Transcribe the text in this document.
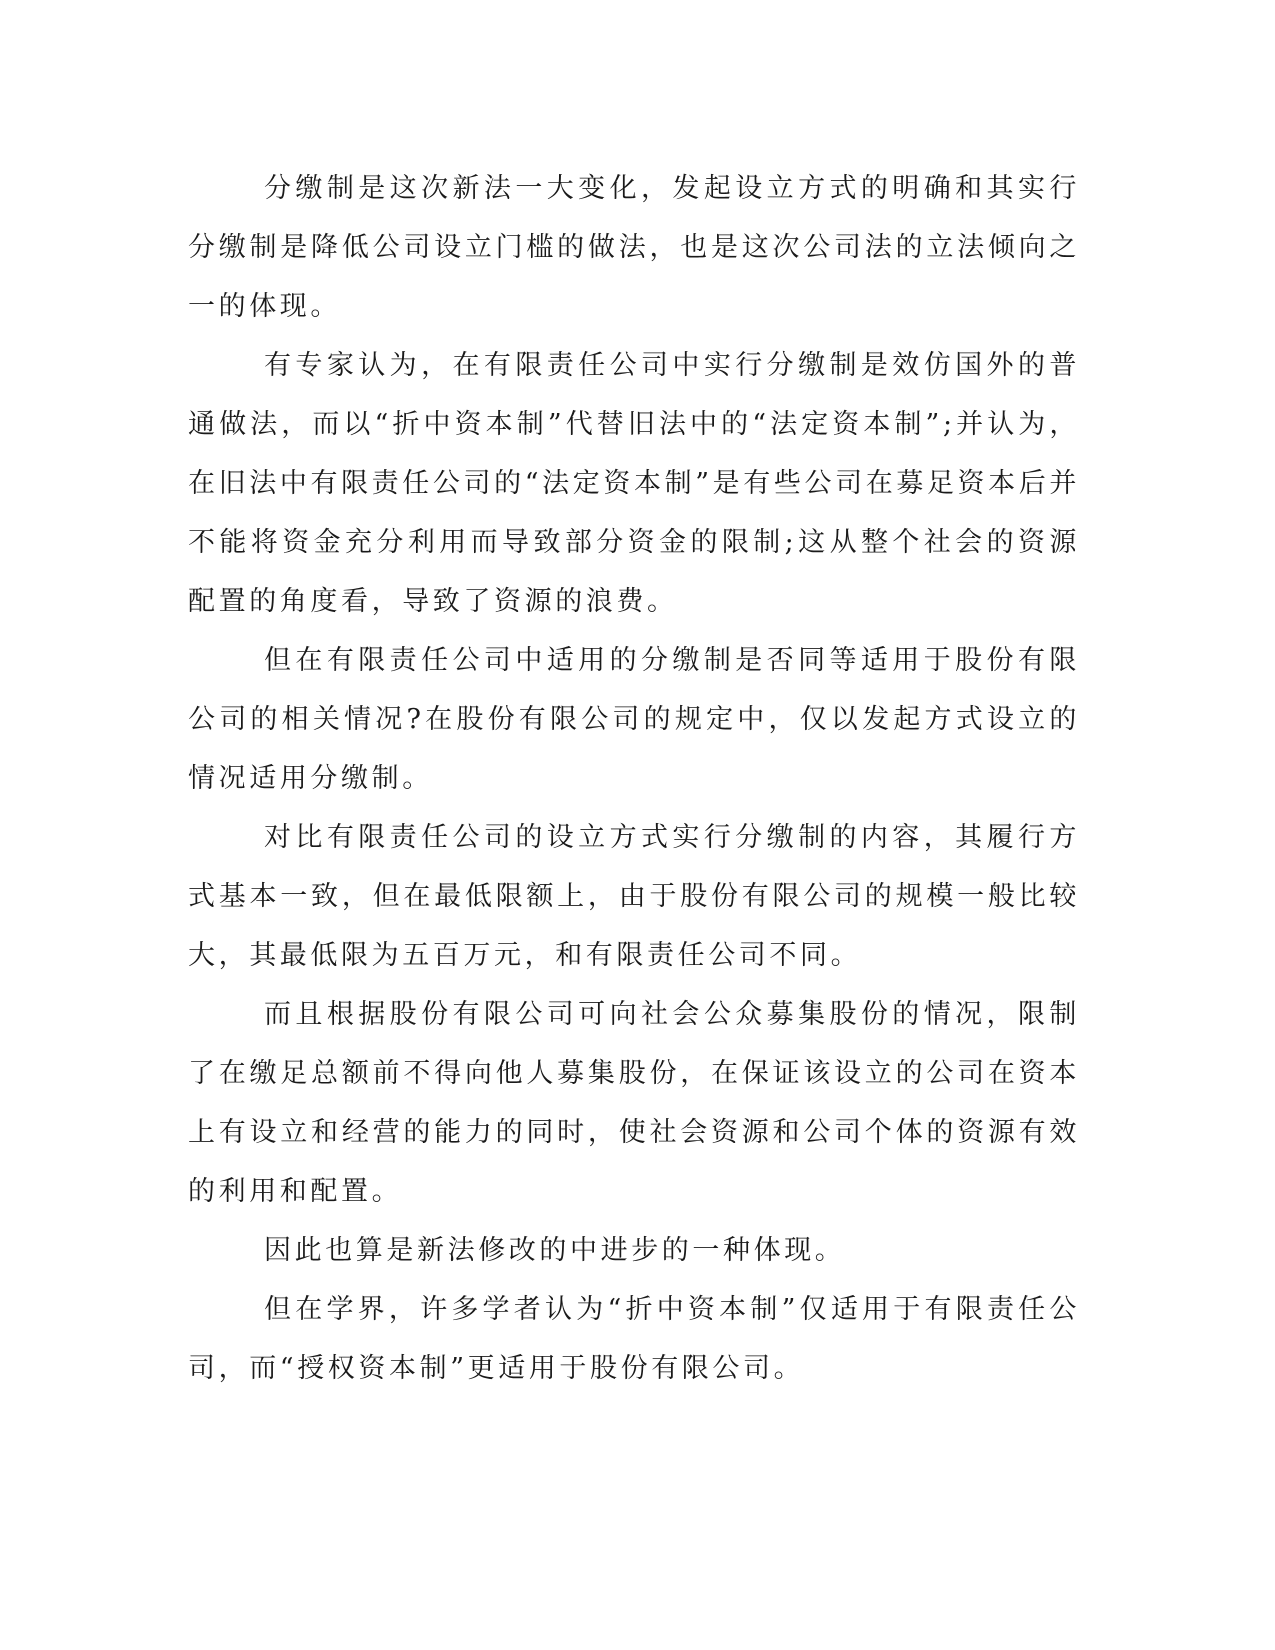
分缴制是这次新法一大变化，发起设立方式的明确和其实行分缴制是降低公司设立门槛的做法，也是这次公司法的立法倾向之一的体现。

有专家认为，在有限责任公司中实行分缴制是效仿国外的普通做法，而以“折中资本制”代替旧法中的“法定资本制”;并认为，在旧法中有限责任公司的“法定资本制”是有些公司在募足资本后并不能将资金充分利用而导致部分资金的限制;这从整个社会的资源配置的角度看，导致了资源的浪费。

但在有限责任公司中适用的分缴制是否同等适用于股份有限公司的相关情况?在股份有限公司的规定中，仅以发起方式设立的情况适用分缴制。

对比有限责任公司的设立方式实行分缴制的内容，其履行方式基本一致，但在最低限额上，由于股份有限公司的规模一般比较大，其最低限为五百万元，和有限责任公司不同。

而且根据股份有限公司可向社会公众募集股份的情况，限制了在缴足总额前不得向他人募集股份，在保证该设立的公司在资本上有设立和经营的能力的同时，使社会资源和公司个体的资源有效的利用和配置。

因此也算是新法修改的中进步的一种体现。

但在学界，许多学者认为“折中资本制”仅适用于有限责任公司，而“授权资本制”更适用于股份有限公司。
